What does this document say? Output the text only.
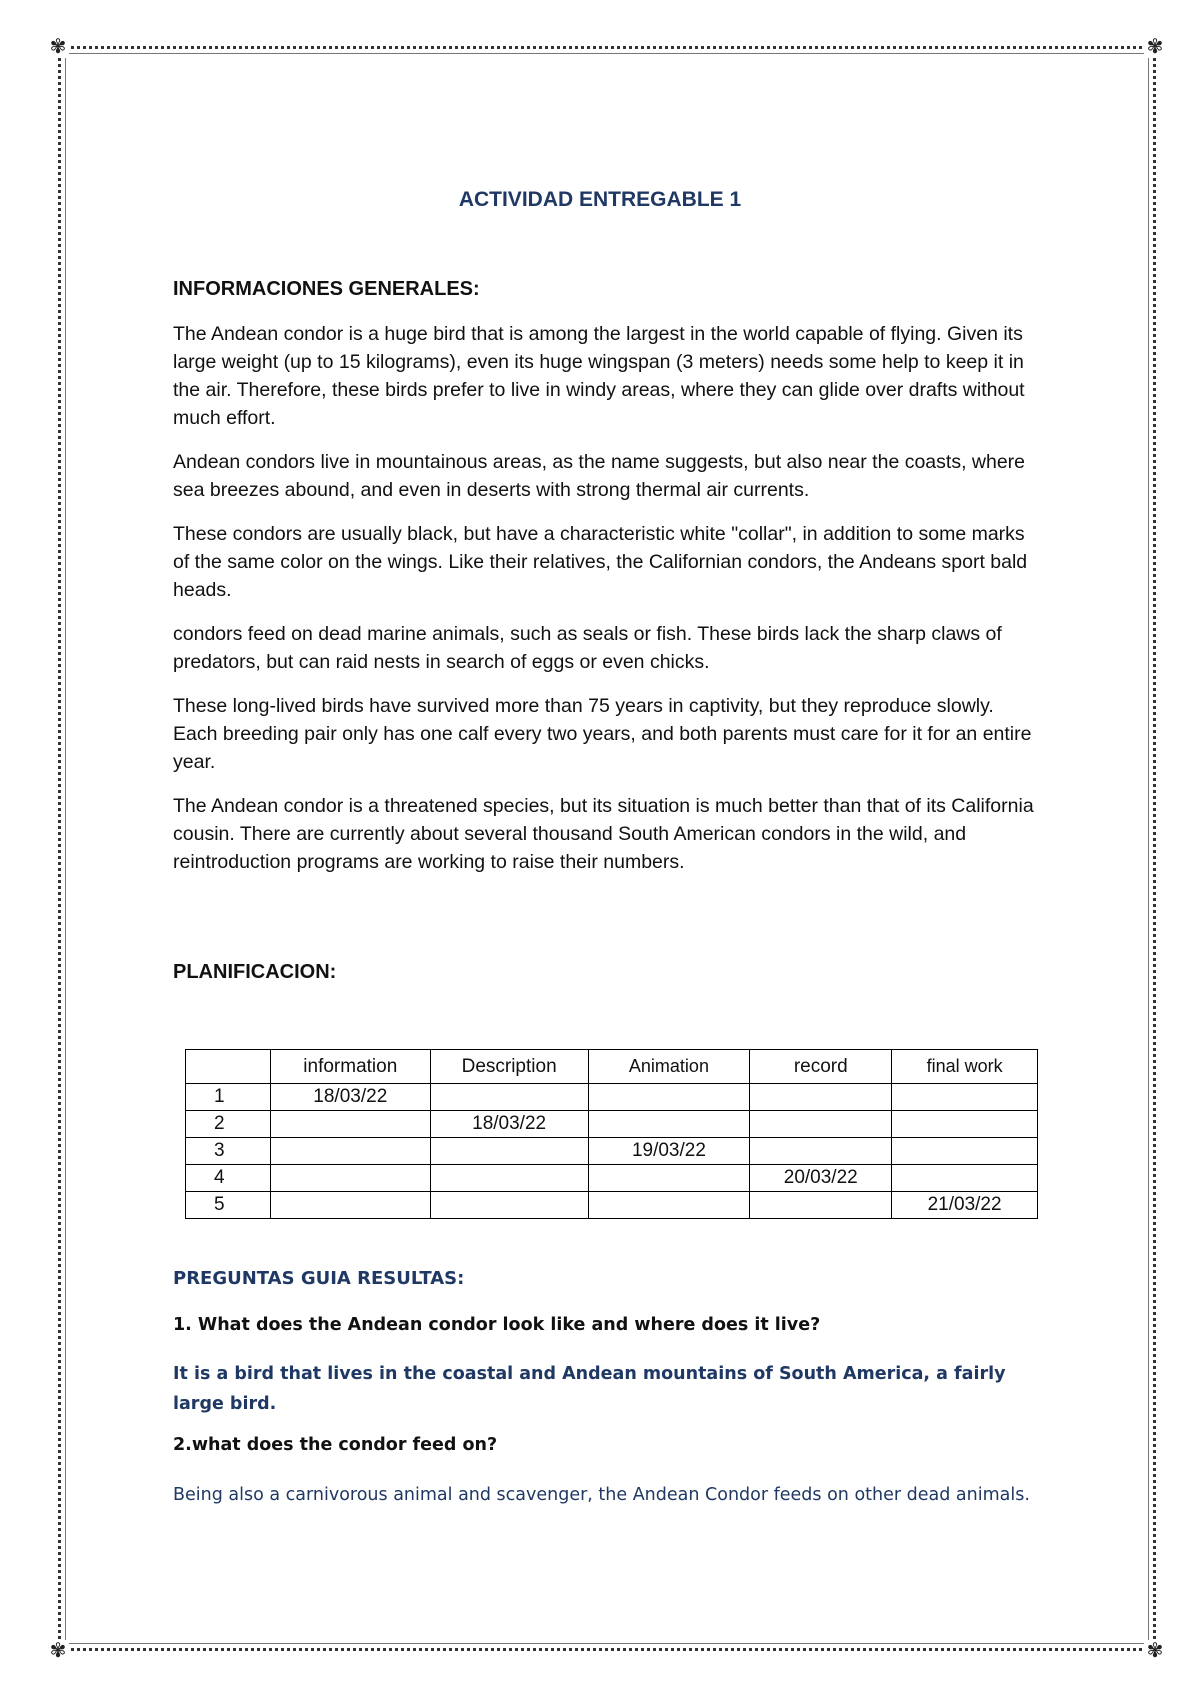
✾	✾
✾	✾
ACTIVIDAD ENTREGABLE 1
INFORMACIONES GENERALES:

The Andean condor is a huge bird that is among the largest in the world capable of flying. Given its large weight (up to 15 kilograms), even its huge wingspan (3 meters) needs some help to keep it in the air. Therefore, these birds prefer to live in windy areas, where they can glide over drafts without much effort.

Andean condors live in mountainous areas, as the name suggests, but also near the coasts, where sea breezes abound, and even in deserts with strong thermal air currents.

These condors are usually black, but have a characteristic white "collar", in addition to some marks of the same color on the wings. Like their relatives, the Californian condors, the Andeans sport bald heads.

condors feed on dead marine animals, such as seals or fish. These birds lack the sharp claws of predators, but can raid nests in search of eggs or even chicks.

These long-lived birds have survived more than 75 years in captivity, but they reproduce slowly. Each breeding pair only has one calf every two years, and both parents must care for it for an entire year.

The Andean condor is a threatened species, but its situation is much better than that of its California cousin. There are currently about several thousand South American condors in the wild, and reintroduction programs are working to raise their numbers.

PLANIFICACION:
	information	Description	Animation	record	final work
1	18/03/22				
2		18/03/22			
3			19/03/22		
4				20/03/22	
5					21/03/22
PREGUNTAS GUIA RESULTAS:
1. What does the Andean condor look like and where does it live?
It is a bird that lives in the coastal and Andean mountains of South America, a fairly large bird.
2.what does the condor feed on?
Being also a carnivorous animal and scavenger, the Andean Condor feeds on other dead animals.
